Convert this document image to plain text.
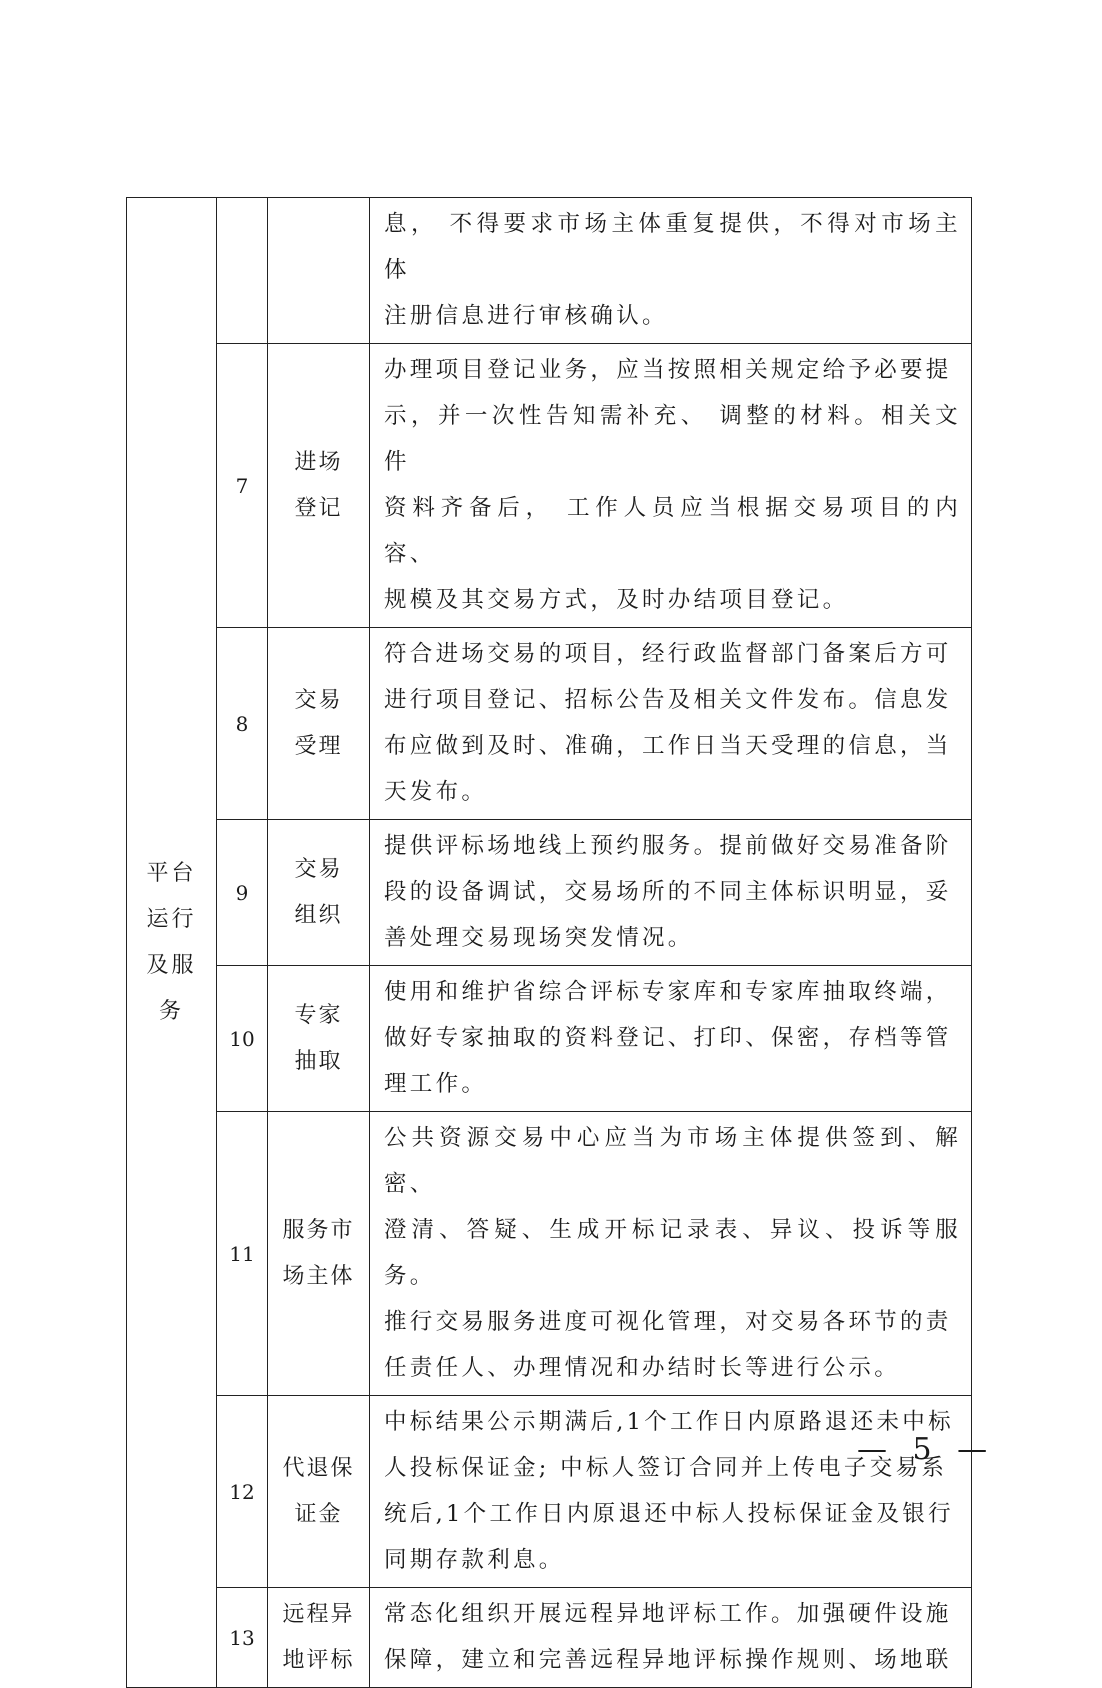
平台
运行
及服
务			息， 不得要求市场主体重复提供，不得对市场主体
注册信息进行审核确认。

	7	进场
登记	办理项目登记业务，应当按照相关规定给予必要提
示，并一次性告知需补充、 调整的材料。相关文件
资料齐备后， 工作人员应当根据交易项目的内容、
规模及其交易方式，及时办结项目登记。

	8	交易
受理	符合进场交易的项目，经行政监督部门备案后方可
进行项目登记、招标公告及相关文件发布。信息发
布应做到及时、准确，工作日当天受理的信息，当
天发布。

	9	交易
组织	提供评标场地线上预约服务。提前做好交易准备阶
段的设备调试，交易场所的不同主体标识明显，妥
善处理交易现场突发情况。

	10	专家
抽取	使用和维护省综合评标专家库和专家库抽取终端，
做好专家抽取的资料登记、打印、保密，存档等管
理工作。

	11	服务市
场主体	公共资源交易中心应当为市场主体提供签到、解密、
澄清、答疑、生成开标记录表、异议、投诉等服务。
推行交易服务进度可视化管理，对交易各环节的责
任责任人、办理情况和办结时长等进行公示。

	12	代退保
证金	中标结果公示期满后,1个工作日内原路退还未中标
人投标保证金; 中标人签订合同并上传电子交易系
统后,1个工作日内原退还中标人投标保证金及银行
同期存款利息。

	13	远程异
地评标	常态化组织开展远程异地评标工作。加强硬件设施
保障，建立和完善远程异地评标操作规则、场地联
— 5 —
